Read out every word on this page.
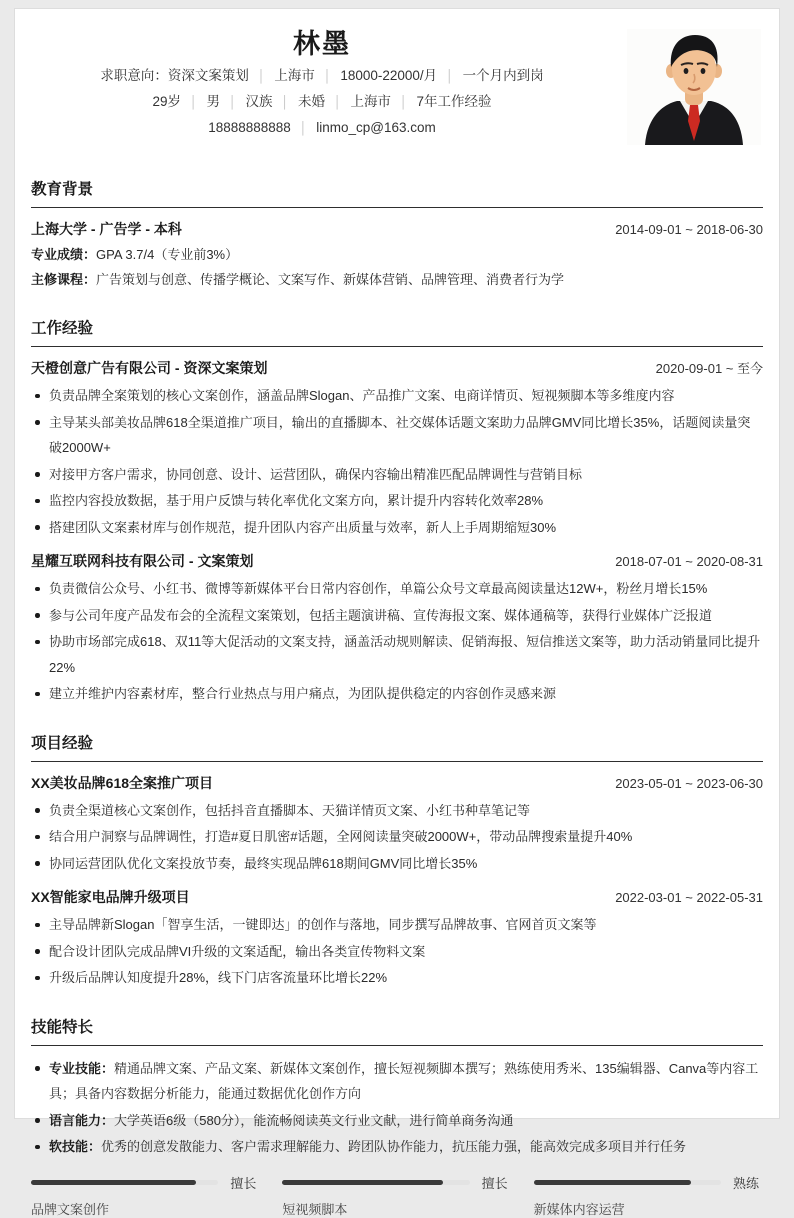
林墨
求职意向：资深文案策划 │ 上海市 │ 18000-22000/月 │ 一个月内到岗
29岁 │ 男 │ 汉族 │ 未婚 │ 上海市 │ 7年工作经验
18888888888 │ linmo_cp@163.com
教育背景
上海大学 - 广告学 - 本科	2014-09-01 ~ 2018-06-30
专业成绩：GPA 3.7/4（专业前3%）
主修课程：广告策划与创意、传播学概论、文案写作、新媒体营销、品牌管理、消费者行为学
工作经验
天橙创意广告有限公司 - 资深文案策划	2020-09-01 ~ 至今
负责品牌全案策划的核心文案创作，涵盖品牌Slogan、产品推广文案、电商详情页、短视频脚本等多维度内容
主导某头部美妆品牌618全渠道推广项目，输出的直播脚本、社交媒体话题文案助力品牌GMV同比增长35%，话题阅读量突破2000W+
对接甲方客户需求，协同创意、设计、运营团队，确保内容输出精准匹配品牌调性与营销目标
监控内容投放数据，基于用户反馈与转化率优化文案方向，累计提升内容转化效率28%
搭建团队文案素材库与创作规范，提升团队内容产出质量与效率，新人上手周期缩短30%
星耀互联网科技有限公司 - 文案策划	2018-07-01 ~ 2020-08-31
负责微信公众号、小红书、微博等新媒体平台日常内容创作，单篇公众号文章最高阅读量达12W+，粉丝月增长15%
参与公司年度产品发布会的全流程文案策划，包括主题演讲稿、宣传海报文案、媒体通稿等，获得行业媒体广泛报道
协助市场部完成618、双11等大促活动的文案支持，涵盖活动规则解读、促销海报、短信推送文案等，助力活动销量同比提升22%
建立并维护内容素材库，整合行业热点与用户痛点，为团队提供稳定的内容创作灵感来源
项目经验
XX美妆品牌618全案推广项目	2023-05-01 ~ 2023-06-30
负责全渠道核心文案创作，包括抖音直播脚本、天猫详情页文案、小红书种草笔记等
结合用户洞察与品牌调性，打造#夏日肌密#话题，全网阅读量突破2000W+，带动品牌搜索量提升40%
协同运营团队优化文案投放节奏，最终实现品牌618期间GMV同比增长35%
XX智能家电品牌升级项目	2022-03-01 ~ 2022-05-31
主导品牌新Slogan「智享生活，一键即达」的创作与落地，同步撰写品牌故事、官网首页文案等
配合设计团队完成品牌VI升级的文案适配，输出各类宣传物料文案
升级后品牌认知度提升28%，线下门店客流量环比增长22%
技能特长
专业技能：精通品牌文案、产品文案、新媒体文案创作，擅长短视频脚本撰写；熟练使用秀米、135编辑器、Canva等内容工具；具备内容数据分析能力，能通过数据优化创作方向
语言能力：大学英语6级（580分），能流畅阅读英文行业文献，进行简单商务沟通
软技能：优秀的创意发散能力、客户需求理解能力、跨团队协作能力，抗压能力强，能高效完成多项目并行任务
擅长	擅长	熟练
品牌文案创作	短视频脚本	新媒体内容运营
